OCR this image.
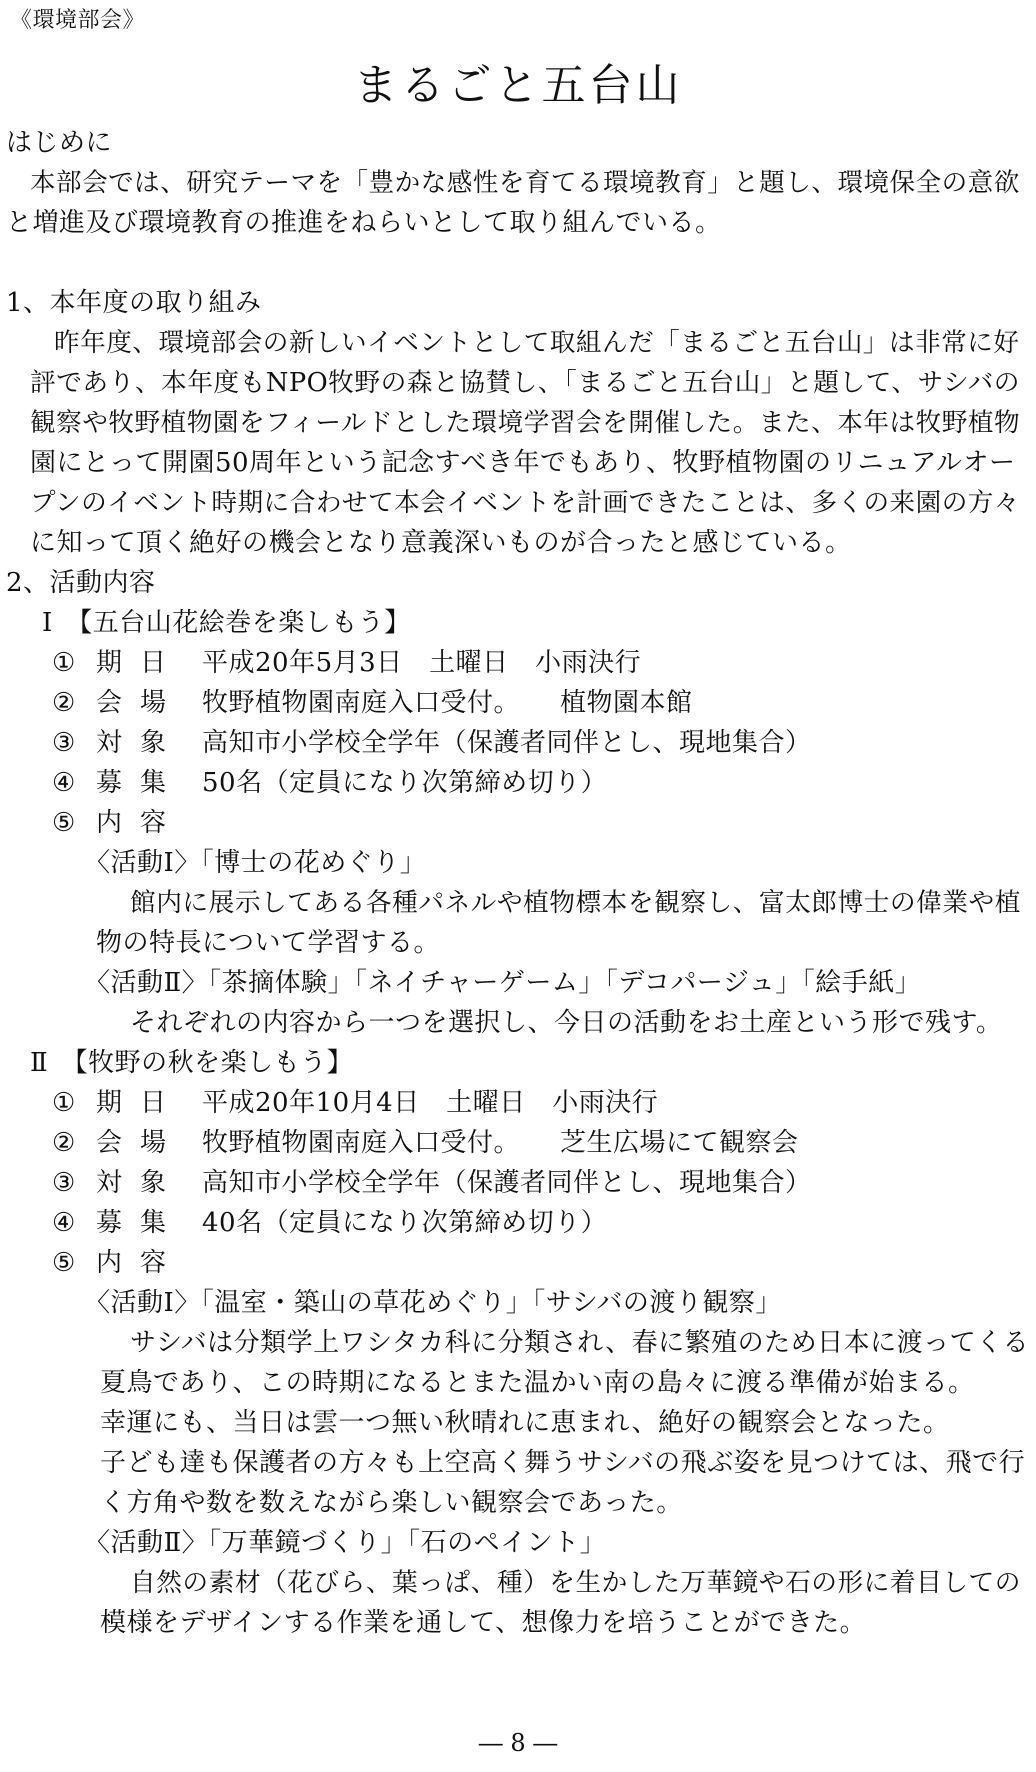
《環境部会》
まるごと五台山
はじめに
本部会では、研究テーマを「豊かな感性を育てる環境教育」と題し、環境保全の意欲
と増進及び環境教育の推進をねらいとして取り組んでいる。
1、本年度の取り組み
昨年度、環境部会の新しいイベントとして取組んだ「まるごと五台山」は非常に好
評であり、本年度もNPO牧野の森と協賛し、「まるごと五台山」と題して、サシバの
観察や牧野植物園をフィールドとした環境学習会を開催した。また、本年は牧野植物
園にとって開園50周年という記念すべき年でもあり、牧野植物園のリニュアルオー
プンのイベント時期に合わせて本会イベントを計画できたことは、多くの来園の方々
に知って頂く絶好の機会となり意義深いものが合ったと感じている。
2、活動内容
Ⅰ　【五台山花絵巻を楽しもう】
① 期日 平成20年5月3日　土曜日　小雨決行
② 会場 牧野植物園南庭入口受付。　　植物園本館
③ 対象 高知市小学校全学年（保護者同伴とし、現地集合）
④ 募集 50名（定員になり次第締め切り）
⑤ 内容
〈活動Ⅰ〉「博士の花めぐり」
館内に展示してある各種パネルや植物標本を観察し、富太郎博士の偉業や植
物の特長について学習する。
〈活動Ⅱ〉「茶摘体験」「ネイチャーゲーム」「デコパージュ」「絵手紙」
それぞれの内容から一つを選択し、今日の活動をお土産という形で残す。
Ⅱ　【牧野の秋を楽しもう】
① 期日 平成20年10月4日　土曜日　小雨決行
② 会場 牧野植物園南庭入口受付。　　芝生広場にて観察会
③ 対象 高知市小学校全学年（保護者同伴とし、現地集合）
④ 募集 40名（定員になり次第締め切り）
⑤ 内容
〈活動Ⅰ〉「温室・築山の草花めぐり」「サシバの渡り観察」
サシバは分類学上ワシタカ科に分類され、春に繁殖のため日本に渡ってくる
夏鳥であり、この時期になるとまた温かい南の島々に渡る準備が始まる。
幸運にも、当日は雲一つ無い秋晴れに恵まれ、絶好の観察会となった。
子ども達も保護者の方々も上空高く舞うサシバの飛ぶ姿を見つけては、飛で行
く方角や数を数えながら楽しい観察会であった。
〈活動Ⅱ〉「万華鏡づくり」「石のペイント」
自然の素材（花びら、葉っぱ、種）を生かした万華鏡や石の形に着目しての
模様をデザインする作業を通して、想像力を培うことができた。
― 8 ―
